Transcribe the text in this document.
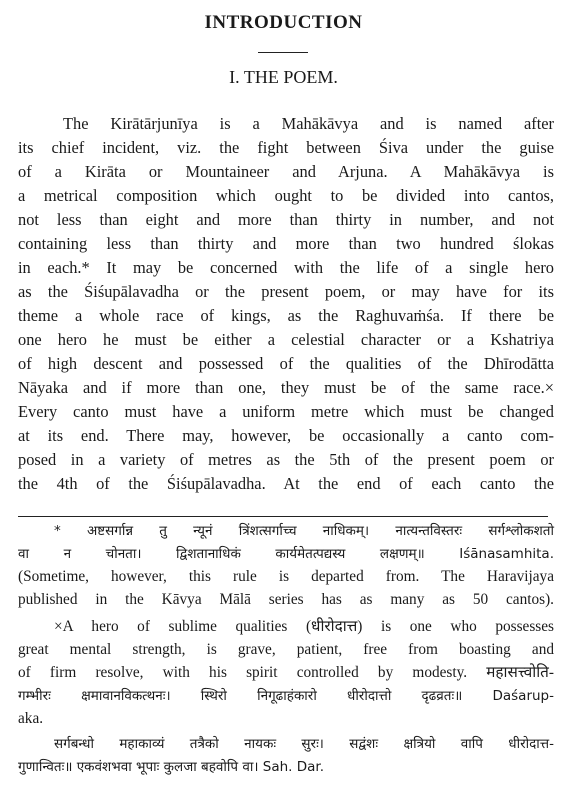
INTRODUCTION
I. THE POEM.
The Kirātārjunīya is a Mahākāvya and is named after
its chief incident, viz. the fight between Śiva under the guise
of a Kirāta or Mountaineer and Arjuna. A Mahākāvya is
a metrical composition which ought to be divided into cantos,
not less than eight and more than thirty in number, and not
containing less than thirty and more than two hundred ślokas
in each.* It may be concerned with the life of a single hero
as the Śiśupālavadha or the present poem, or may have for its
theme a whole race of kings, as the Raghuvaṁśa. If there be
one hero he must be either a celestial character or a Kshatriya
of high descent and possessed of the qualities of the Dhīrodātta
Nāyaka and if more than one, they must be of the same race.×
Every canto must have a uniform metre which must be changed
at its end. There may, however, be occasionally a canto com-
posed in a variety of metres as the 5th of the present poem or
the 4th of the Śiśupālavadha. At the end of each canto the
* अष्टसर्गान्न तु न्यूनं त्रिंशत्सर्गाच्च नाधिकम्। नात्यन्तविस्तरः सर्गश्लोकशतो
वा न चोनता। द्विशतानाधिकं कार्यमेतत्पद्यस्य लक्षणम्॥ Iśānasamhita.
(Sometime, however, this rule is departed from. The Haravijaya
published in the Kāvya Mālā series has as many as 50 cantos).
×A hero of sublime qualities (धीरोदात्त) is one who possesses
great mental strength, is grave, patient, free from boasting and
of firm resolve, with his spirit controlled by modesty. महासत्त्वोति-
गम्भीरः क्षमावानविकत्थनः। स्थिरो निगूढाहंकारो धीरोदात्तो दृढव्रतः॥ Daśarup-
aka.
सर्गबन्धो महाकाव्यं तत्रैको नायकः सुरः। सद्वंशः क्षत्रियो वापि धीरोदात्त-
गुणान्वितः॥ एकवंशभवा भूपाः कुलजा बहवोपि वा। Sah. Dar.
